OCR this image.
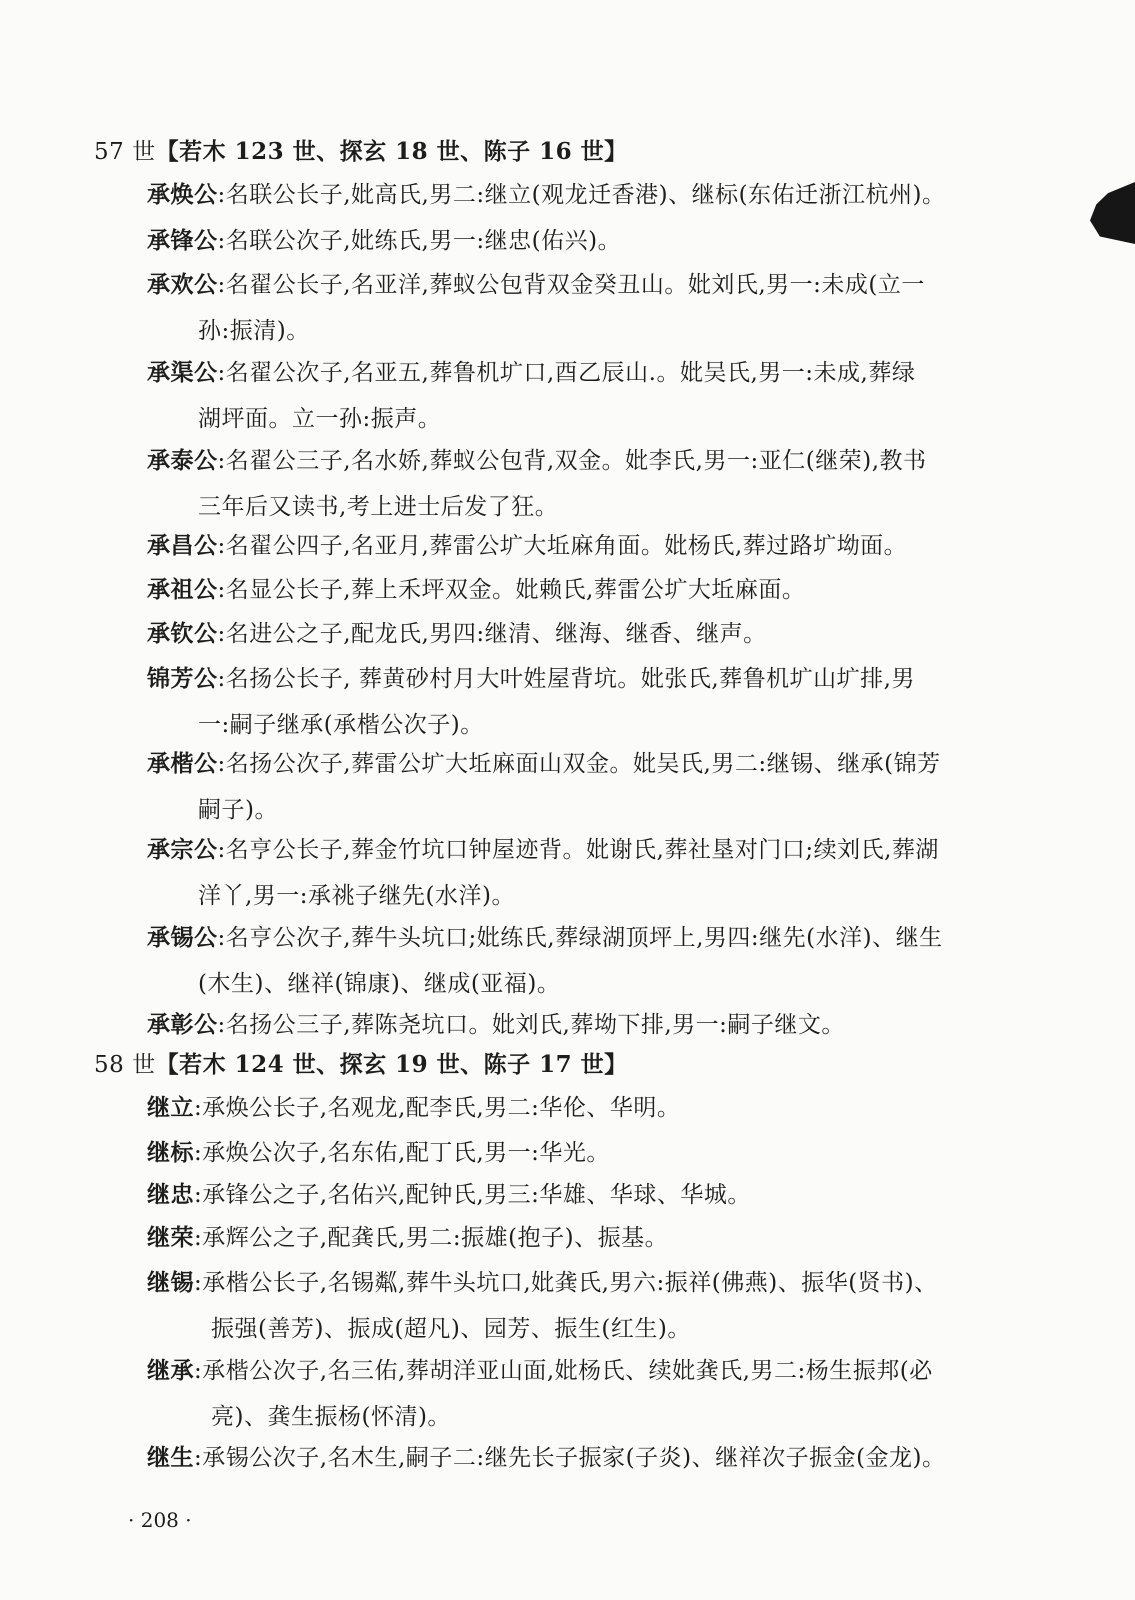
57 世【若木 123 世、探玄 18 世、陈子 16 世】
承焕公:名联公长子,妣高氏,男二:继立(观龙迁香港)、继标(东佑迁浙江杭州)。
承锋公:名联公次子,妣练氏,男一:继忠(佑兴)。
承欢公:名翟公长子,名亚洋,葬蚁公包背双金癸丑山。妣刘氏,男一:未成(立一
孙:振清)。
承渠公:名翟公次子,名亚五,葬鲁机圹口,酉乙辰山.。妣吴氏,男一:未成,葬绿
湖坪面。立一孙:振声。
承泰公:名翟公三子,名水娇,葬蚁公包背,双金。妣李氏,男一:亚仁(继荣),教书
三年后又读书,考上进士后发了狂。
承昌公:名翟公四子,名亚月,葬雷公圹大坵麻角面。妣杨氏,葬过路圹坳面。
承祖公:名显公长子,葬上禾坪双金。妣赖氏,葬雷公圹大坵麻面。
承钦公:名进公之子,配龙氏,男四:继清、继海、继香、继声。
锦芳公:名扬公长子, 葬黄砂村月大叶姓屋背坑。妣张氏,葬鲁机圹山圹排,男
一:嗣子继承(承楷公次子)。
承楷公:名扬公次子,葬雷公圹大坵麻面山双金。妣吴氏,男二:继锡、继承(锦芳
嗣子)。
承宗公:名亨公长子,葬金竹坑口钟屋迹背。妣谢氏,葬社垦对门口;续刘氏,葬湖
洋丫,男一:承祧子继先(水洋)。
承锡公:名亨公次子,葬牛头坑口;妣练氏,葬绿湖顶坪上,男四:继先(水洋)、继生
(木生)、继祥(锦康)、继成(亚福)。
承彰公:名扬公三子,葬陈尧坑口。妣刘氏,葬坳下排,男一:嗣子继文。
58 世【若木 124 世、探玄 19 世、陈子 17 世】
继立:承焕公长子,名观龙,配李氏,男二:华伦、华明。
继标:承焕公次子,名东佑,配丁氏,男一:华光。
继忠:承锋公之子,名佑兴,配钟氏,男三:华雄、华球、华城。
继荣:承辉公之子,配龚氏,男二:振雄(抱子)、振基。
继锡:承楷公长子,名锡粼,葬牛头坑口,妣龚氏,男六:振祥(佛燕)、振华(贤书)、
振强(善芳)、振成(超凡)、园芳、振生(红生)。
继承:承楷公次子,名三佑,葬胡洋亚山面,妣杨氏、续妣龚氏,男二:杨生振邦(必
亮)、龚生振杨(怀清)。
继生:承锡公次子,名木生,嗣子二:继先长子振家(子炎)、继祥次子振金(金龙)。
· 208 ·
